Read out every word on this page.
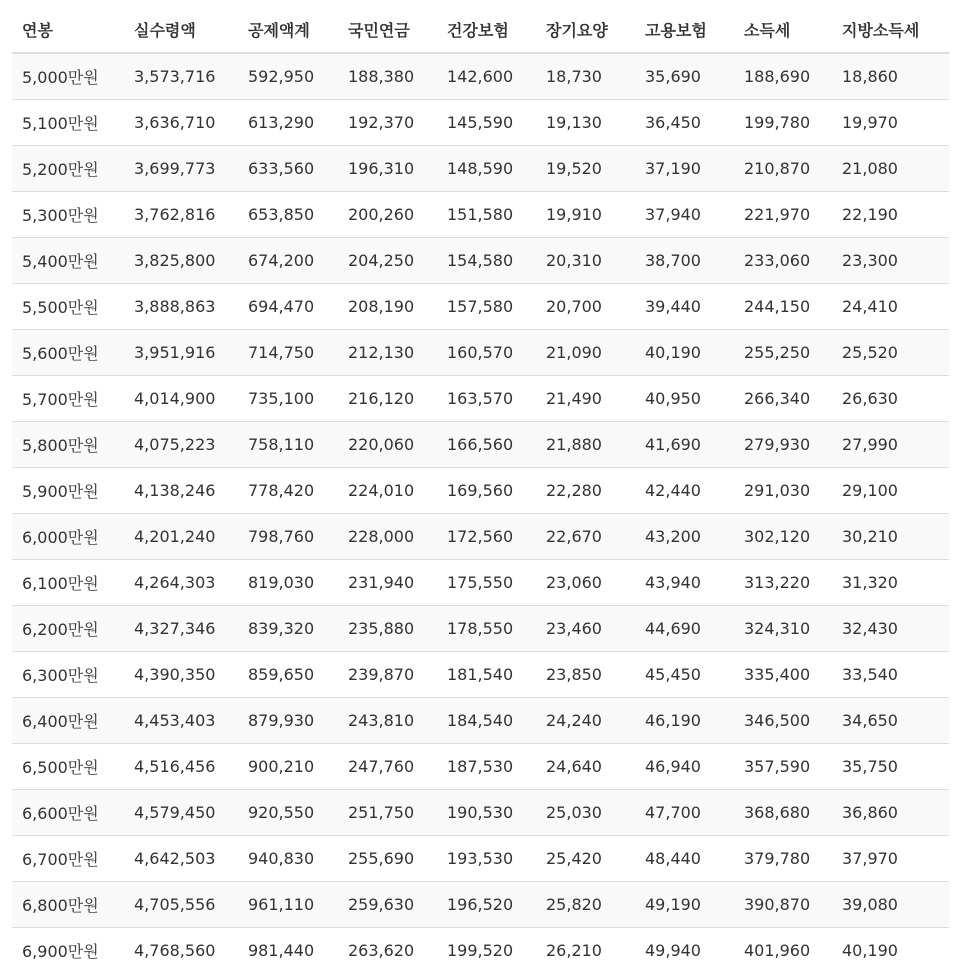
연봉	실수령액	공제액계	국민연금	건강보험	장기요양	고용보험	소득세	지방소득세
5,000만원	3,573,716	592,950	188,380	142,600	18,730	35,690	188,690	18,860
5,100만원	3,636,710	613,290	192,370	145,590	19,130	36,450	199,780	19,970
5,200만원	3,699,773	633,560	196,310	148,590	19,520	37,190	210,870	21,080
5,300만원	3,762,816	653,850	200,260	151,580	19,910	37,940	221,970	22,190
5,400만원	3,825,800	674,200	204,250	154,580	20,310	38,700	233,060	23,300
5,500만원	3,888,863	694,470	208,190	157,580	20,700	39,440	244,150	24,410
5,600만원	3,951,916	714,750	212,130	160,570	21,090	40,190	255,250	25,520
5,700만원	4,014,900	735,100	216,120	163,570	21,490	40,950	266,340	26,630
5,800만원	4,075,223	758,110	220,060	166,560	21,880	41,690	279,930	27,990
5,900만원	4,138,246	778,420	224,010	169,560	22,280	42,440	291,030	29,100
6,000만원	4,201,240	798,760	228,000	172,560	22,670	43,200	302,120	30,210
6,100만원	4,264,303	819,030	231,940	175,550	23,060	43,940	313,220	31,320
6,200만원	4,327,346	839,320	235,880	178,550	23,460	44,690	324,310	32,430
6,300만원	4,390,350	859,650	239,870	181,540	23,850	45,450	335,400	33,540
6,400만원	4,453,403	879,930	243,810	184,540	24,240	46,190	346,500	34,650
6,500만원	4,516,456	900,210	247,760	187,530	24,640	46,940	357,590	35,750
6,600만원	4,579,450	920,550	251,750	190,530	25,030	47,700	368,680	36,860
6,700만원	4,642,503	940,830	255,690	193,530	25,420	48,440	379,780	37,970
6,800만원	4,705,556	961,110	259,630	196,520	25,820	49,190	390,870	39,080
6,900만원	4,768,560	981,440	263,620	199,520	26,210	49,940	401,960	40,190
